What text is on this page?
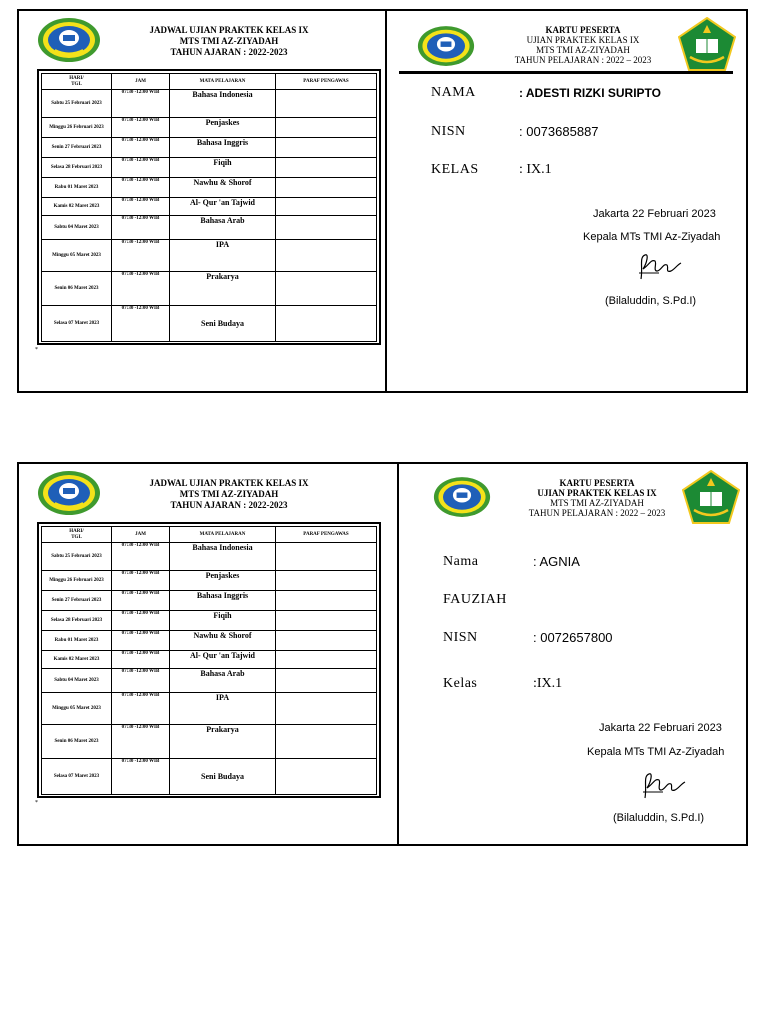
JADWAL UJIAN PRAKTEK KELAS IX
MTS TMI AZ-ZIYADAH
TAHUN AJARAN : 2022-2023
HARI/
TGL	JAM	MATA PELAJARAN	PARAF PENGAWAS
Sabtu 25 Februari 2023	07:30 -12:00 WIB	Bahasa Indonesia	
Minggu 26 Februari 2023	07:30 -12:00 WIB	Penjaskes	
Senin 27 Februari 2023	07:30 -12:00 WIB	Bahasa Inggris	
Selasa 28 Februari 2023	07:30 -12:00 WIB	Fiqih	
Rabu 01 Maret 2023	07:30 -12:00 WIB	Nawhu & Shorof	
Kamis 02 Maret 2023	07:30 -12:00 WIB	Al- Qur 'an Tajwid	
Sabtu 04 Maret 2023	07:30 -12:00 WIB	Bahasa Arab	
Minggu 05 Maret 2023	07:30 -12:00 WIB	IPA	
Senin 06 Maret 2023	07:30 -12:00 WIB	Prakarya	
Selasa 07 Maret 2023	07:30 -12:00 WIB	Seni Budaya	
*
KARTU PESERTA
UJIAN PRAKTEK KELAS IX
MTS TMI AZ-ZIYADAH
TAHUN PELAJARAN : 2022 – 2023
NAMA	: ADESTI RIZKI SURIPTO
NISN	: 0073685887
KELAS	: IX.1
Jakarta 22 Februari 2023
Kepala MTs TMI Az-Ziyadah
(Bilaluddin, S.Pd.I)
JADWAL UJIAN PRAKTEK KELAS IX
MTS TMI AZ-ZIYADAH
TAHUN AJARAN : 2022-2023
HARI/
TGL	JAM	MATA PELAJARAN	PARAF PENGAWAS
Sabtu 25 Februari 2023	07:30 -12:00 WIB	Bahasa Indonesia	
Minggu 26 Februari 2023	07:30 -12:00 WIB	Penjaskes	
Senin 27 Februari 2023	07:30 -12:00 WIB	Bahasa Inggris	
Selasa 28 Februari 2023	07:30 -12:00 WIB	Fiqih	
Rabu 01 Maret 2023	07:30 -12:00 WIB	Nawhu & Shorof	
Kamis 02 Maret 2023	07:30 -12:00 WIB	Al- Qur 'an Tajwid	
Sabtu 04 Maret 2023	07:30 -12:00 WIB	Bahasa Arab	
Minggu 05 Maret 2023	07:30 -12:00 WIB	IPA	
Senin 06 Maret 2023	07:30 -12:00 WIB	Prakarya	
Selasa 07 Maret 2023	07:30 -12:00 WIB	Seni Budaya	
*
KARTU PESERTA
UJIAN PRAKTEK KELAS IX
MTS TMI AZ-ZIYADAH
TAHUN PELAJARAN : 2022 – 2023
Nama	: AGNIA
FAUZIAH
NISN	: 0072657800
Kelas	:IX.1
Jakarta 22 Februari 2023
Kepala MTs TMI Az-Ziyadah
(Bilaluddin, S.Pd.I)
